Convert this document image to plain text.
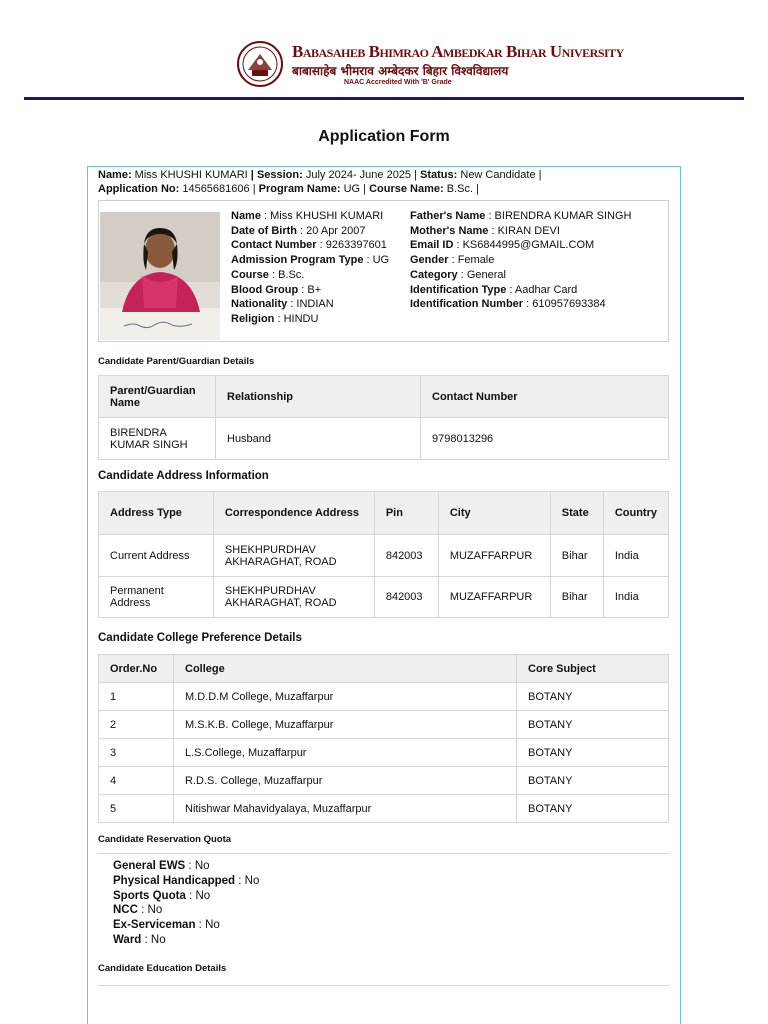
Babasaheb Bhimrao Ambedkar Bihar University
बाबासाहेब भीमराव अम्बेदकर बिहार विश्वविद्यालय
NAAC Accredited With 'B' Grade
Application Form
Name: Miss KHUSHI KUMARI | Session: July 2024- June 2025 | Status: New Candidate |
Application No: 14565681606 | Program Name: UG | Course Name: B.Sc. |
Name : Miss KHUSHI KUMARI
Date of Birth : 20 Apr 2007
Contact Number : 9263397601
Admission Program Type : UG
Course : B.Sc.
Blood Group : B+
Nationality : INDIAN
Religion : HINDU
Father's Name : BIRENDRA KUMAR SINGH
Mother's Name : KIRAN DEVI
Email ID : KS6844995@GMAIL.COM
Gender : Female
Category : General
Identification Type : Aadhar Card
Identification Number : 610957693384
Candidate Parent/Guardian Details
Parent/Guardian Name	Relationship	Contact Number
BIRENDRA KUMAR SINGH	Husband	9798013296
Candidate Address Information
Address Type	Correspondence Address	Pin	City	State	Country
Current Address	SHEKHPURDHAV AKHARAGHAT, ROAD	842003	MUZAFFARPUR	Bihar	India
Permanent Address	SHEKHPURDHAV AKHARAGHAT, ROAD	842003	MUZAFFARPUR	Bihar	India
Candidate College Preference Details
Order.No	College	Core Subject
1	M.D.D.M College, Muzaffarpur	BOTANY
2	M.S.K.B. College, Muzaffarpur	BOTANY
3	L.S.College, Muzaffarpur	BOTANY
4	R.D.S. College, Muzaffarpur	BOTANY
5	Nitishwar Mahavidyalaya, Muzaffarpur	BOTANY
Candidate Reservation Quota
General EWS : No
Physical Handicapped : No
Sports Quota : No
NCC : No
Ex-Serviceman : No
Ward : No
Candidate Education Details
